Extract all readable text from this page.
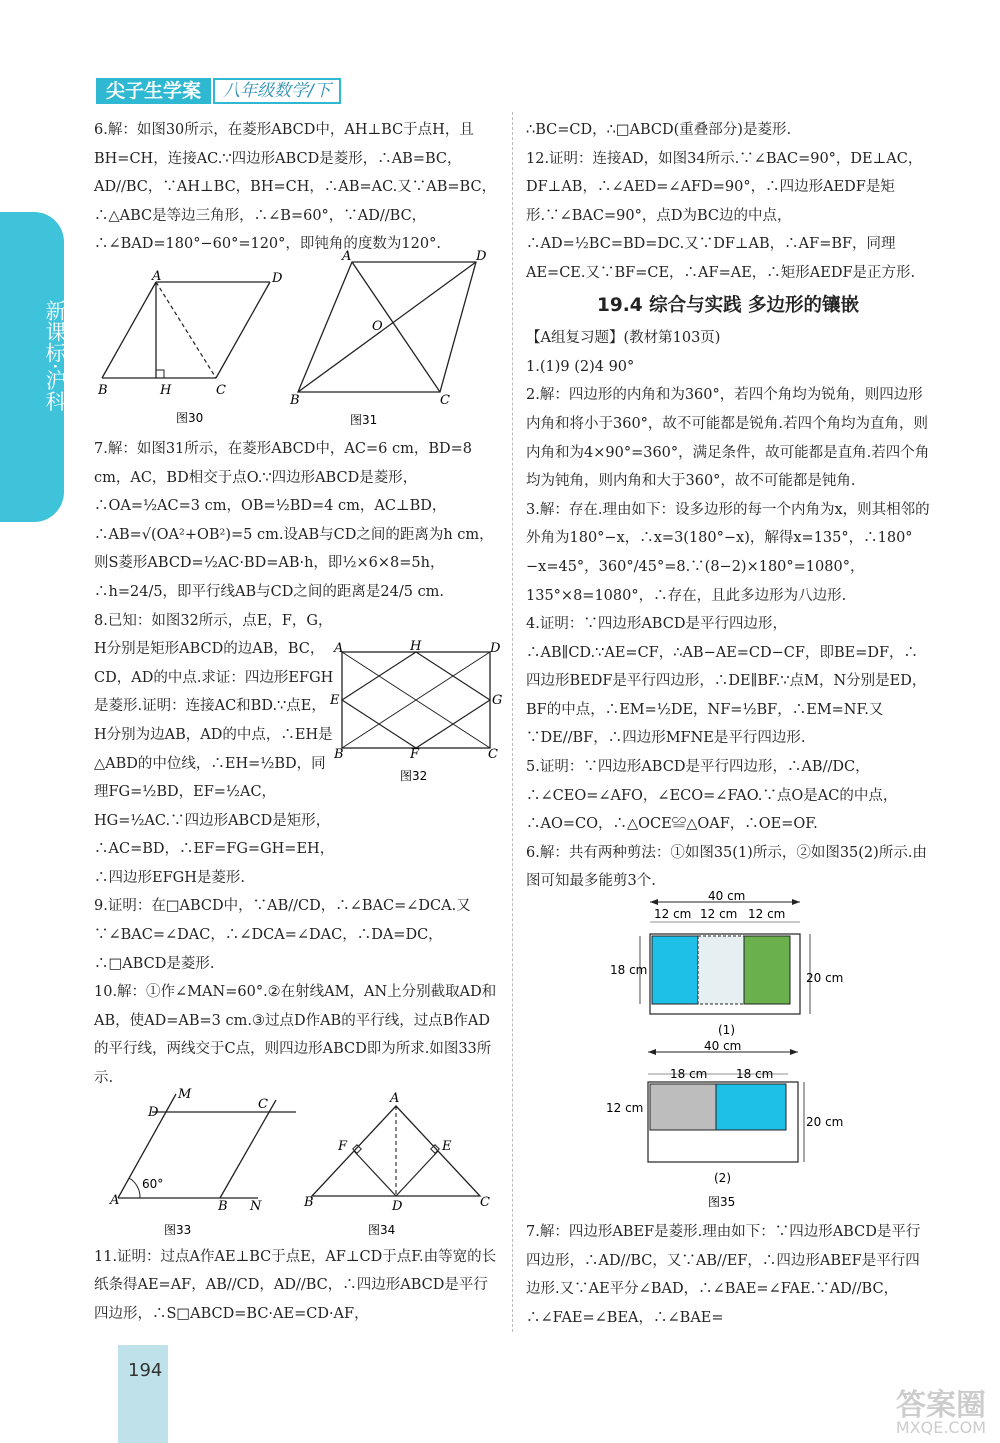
新课标·沪科
尖子生学案	八年级数学/下

6.解：如图30所示，在菱形ABCD中，AH⊥BC于点H，且BH=CH，连接AC.∵四边形ABCD是菱形，∴AB=BC，AD//BC，∵AH⊥BC，BH=CH，∴AB=AC.又∵AB=BC，∴△ABC是等边三角形，∴∠B=60°，∵AD//BC，∴∠BAD=180°−60°=120°，即钝角的度数为120°.

7.解：如图31所示，在菱形ABCD中，AC=6 cm，BD=8 cm，AC，BD相交于点O.∵四边形ABCD是菱形，∴OA=½AC=3 cm，OB=½BD=4 cm，AC⊥BD，∴AB=√(OA²+OB²)=5 cm.设AB与CD之间的距离为h cm，则S菱形ABCD=½AC·BD=AB·h，即½×6×8=5h，∴h=24/5，即平行线AB与CD之间的距离是24/5 cm.

8.已知：如图32所示，点E，F，G，H分别是矩形ABCD的边AB，BC，CD，AD的中点.求证：四边形EFGH是菱形.证明：连接AC和BD.∵点E，H分别为边AB，AD的中点，∴EH是△ABD的中位线，∴EH=½BD，同理FG=½BD，EF=½AC，HG=½AC.∵四边形ABCD是矩形，∴AC=BD，∴EF=FG=GH=EH，∴四边形EFGH是菱形.

9.证明：在□ABCD中，∵AB//CD，∴∠BAC=∠DCA.又∵∠BAC=∠DAC，∴∠DCA=∠DAC，∴DA=DC，∴□ABCD是菱形.

10.解：①作∠MAN=60°.②在射线AM，AN上分别截取AD和AB，使AD=AB=3 cm.③过点D作AB的平行线，过点B作AD的平行线，两线交于C点，则四边形ABCD即为所求.如图33所示.

11.证明：过点A作AE⊥BC于点E，AF⊥CD于点F.由等宽的长纸条得AE=AF，AB//CD，AD//BC，∴四边形ABCD是平行四边形，∴S□ABCD=BC·AE=CD·AF，

A	D
B	H	C
图30
A	D
O
B	C
图31
A	H	D
E	G
B	F	C
图32
60°
D
M
C
A	B N
图33
A
F	E
B	D	C
图34

∴BC=CD，∴□ABCD(重叠部分)是菱形.

12.证明：连接AD，如图34所示.∵∠BAC=90°，DE⊥AC，DF⊥AB，∴∠AED=∠AFD=90°，∴四边形AEDF是矩形.∵∠BAC=90°，点D为BC边的中点，∴AD=½BC=BD=DC.又∵DF⊥AB，∴AF=BF，同理AE=CE.又∵BF=CE，∴AF=AE，∴矩形AEDF是正方形.

19.4 综合与实践 多边形的镶嵌

【A组复习题】(教材第103页)

1.(1)9 (2)4 90°

2.解：四边形的内角和为360°，若四个角均为锐角，则四边形内角和将小于360°，故不可能都是锐角.若四个角均为直角，则内角和为4×90°=360°，满足条件，故可能都是直角.若四个角均为钝角，则内角和大于360°，故不可能都是钝角.

3.解：存在.理由如下：设多边形的每一个内角为x，则其相邻的外角为180°−x，∴x=3(180°−x)，解得x=135°，∴180°−x=45°，360°/45°=8.∵(8−2)×180°=1080°，135°×8=1080°，∴存在，且此多边形为八边形.

4.证明：∵四边形ABCD是平行四边形，∴AB∥CD.∵AE=CF，∴AB−AE=CD−CF，即BE=DF，∴四边形BEDF是平行四边形，∴DE∥BF.∵点M，N分别是ED，BF的中点，∴EM=½DE，NF=½BF，∴EM=NF.又∵DE//BF，∴四边形MFNE是平行四边形.

5.证明：∵四边形ABCD是平行四边形，∴AB//DC，∴∠CEO=∠AFO，∠ECO=∠FAO.∵点O是AC的中点，∴AO=CO，∴△OCE≌△OAF，∴OE=OF.

6.解：共有两种剪法：①如图35(1)所示，②如图35(2)所示.由图可知最多能剪3个.

7.解：四边形ABEF是菱形.理由如下：∵四边形ABCD是平行四边形，∴AD//BC，又∵AB//EF，∴四边形ABEF是平行四边形.又∵AE平分∠BAD，∴∠BAE=∠FAE.∵AD//BC，∴∠FAE=∠BEA，∴∠BAE=

40 cm
12 cm 12 cm 12 cm
18 cm
20 cm
(1)
40 cm
18 cm 18 cm
12 cm
20 cm
(2)
图35
194
答案圈
MXQE.COM
